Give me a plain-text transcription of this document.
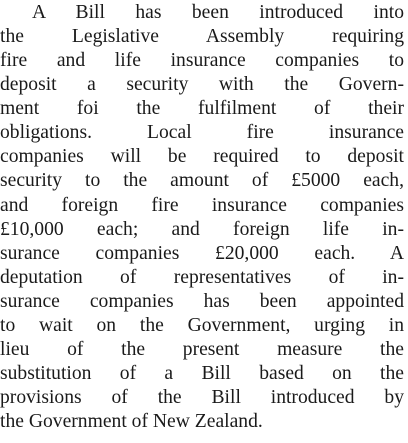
A Bill has been introduced into
the Legislative Assembly requiring
fire and life insurance companies to
deposit a security with the Govern-
ment foi the fulfilment of their
obligations. Local fire insurance
companies will be required to deposit
security to the amount of £5000 each,
and foreign fire insurance companies
£10,000 each; and foreign life in-
surance companies £20,000 each. A
deputation of representatives of in-
surance companies has been appointed
to wait on the Government, urging in
lieu of the present measure the
substitution of a Bill based on the
provisions of the Bill introduced by
the Government of New Zealand.
